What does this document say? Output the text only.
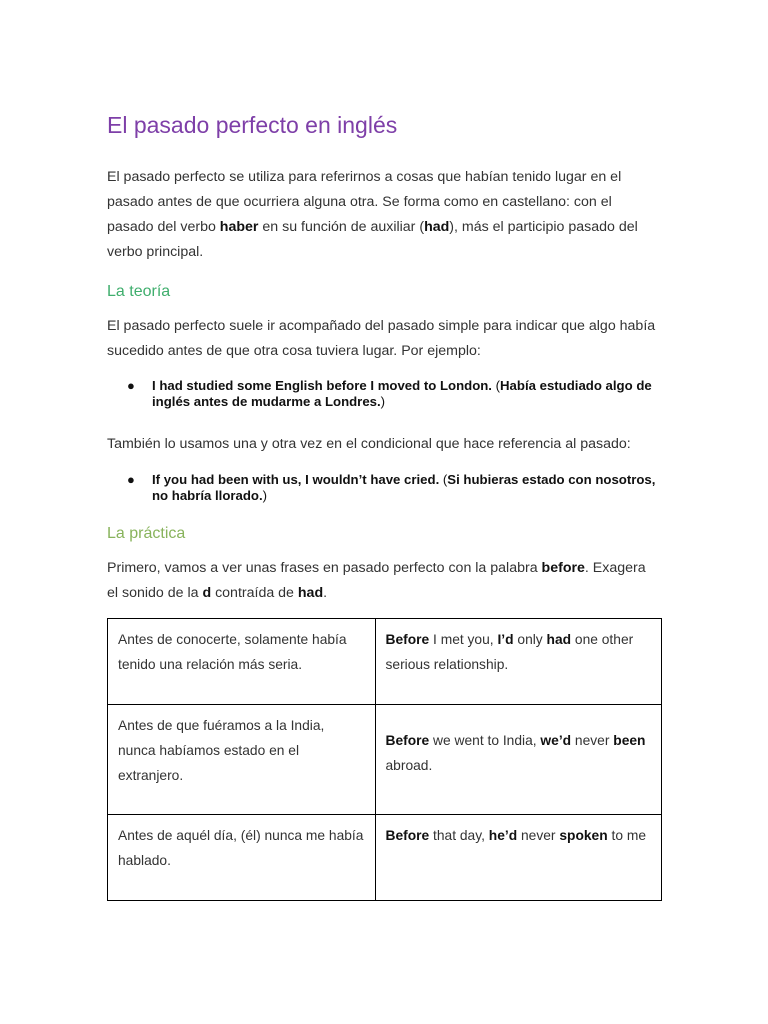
El pasado perfecto en inglés

El pasado perfecto se utiliza para referirnos a cosas que habían tenido lugar en el pasado antes de que ocurriera alguna otra. Se forma como en castellano: con el pasado del verbo haber en su función de auxiliar (had), más el participio pasado del verbo principal.

La teoría

El pasado perfecto suele ir acompañado del pasado simple para indicar que algo había sucedido antes de que otra cosa tuviera lugar. Por ejemplo:

● I had studied some English before I moved to London. (Había estudiado algo de inglés antes de mudarme a Londres.)

También lo usamos una y otra vez en el condicional que hace referencia al pasado:

● If you had been with us, I wouldn’t have cried. (Si hubieras estado con nosotros, no habría llorado.)
La práctica

Primero, vamos a ver unas frases en pasado perfecto con la palabra before. Exagera el sonido de la d contraída de had.

Antes de conocerte, solamente había tenido una relación más seria.	Before I met you, I’d only had one other serious relationship.
Antes de que fuéramos a la India, nunca habíamos estado en el extranjero.	Before we went to India, we’d never been abroad.
Antes de aquél día, (él) nunca me había hablado.	Before that day, he’d never spoken to me
